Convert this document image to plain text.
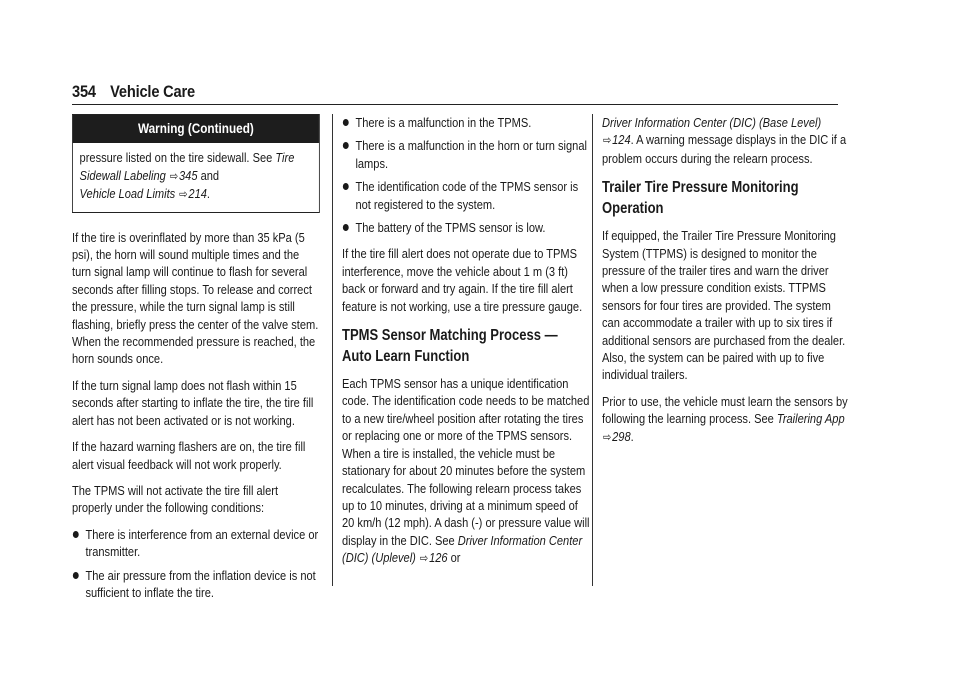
354 Vehicle Care
Warning (Continued)
pressure listed on the tire sidewall. See Tire Sidewall Labeling ⇨345 and
Vehicle Load Limits ⇨214.

If the tire is overinflated by more than 35 kPa (5 psi), the horn will sound multiple times and the turn signal lamp will continue to flash for several seconds after filling stops. To release and correct the pressure, while the turn signal lamp is still flashing, briefly press the center of the valve stem. When the recommended pressure is reached, the horn sounds once.

If the turn signal lamp does not flash within 15 seconds after starting to inflate the tire, the tire fill alert has not been activated or is not working.

If the hazard warning flashers are on, the tire fill alert visual feedback will not work properly.

The TPMS will not activate the tire fill alert properly under the following conditions:

There is interference from an external device or transmitter.
The air pressure from the inflation device is not sufficient to inflate the tire.
There is a malfunction in the TPMS.
There is a malfunction in the horn or turn signal lamps.
The identification code of the TPMS sensor is not registered to the system.
The battery of the TPMS sensor is low.

If the tire fill alert does not operate due to TPMS interference, move the vehicle about 1 m (3 ft) back or forward and try again. If the tire fill alert feature is not working, use a tire pressure gauge.

TPMS Sensor Matching Process — Auto Learn Function

Each TPMS sensor has a unique identification code. The identification code needs to be matched to a new tire/wheel position after rotating the tires or replacing one or more of the TPMS sensors. When a tire is installed, the vehicle must be stationary for about 20 minutes before the system recalculates. The following relearn process takes up to 10 minutes, driving at a minimum speed of 20 km/h (12 mph). A dash (-) or pressure value will display in the DIC. See Driver Information Center (DIC) (Uplevel) ⇨126 or

Driver Information Center (DIC) (Base Level)
⇨124. A warning message displays in the DIC if a problem occurs during the relearn process.

Trailer Tire Pressure Monitoring Operation

If equipped, the Trailer Tire Pressure Monitoring System (TTPMS) is designed to monitor the pressure of the trailer tires and warn the driver when a low pressure condition exists. TTPMS sensors for four tires are provided. The system can accommodate a trailer with up to six tires if additional sensors are purchased from the dealer. Also, the system can be paired with up to five individual trailers.

Prior to use, the vehicle must learn the sensors by following the learning process. See Trailering App ⇨298.
